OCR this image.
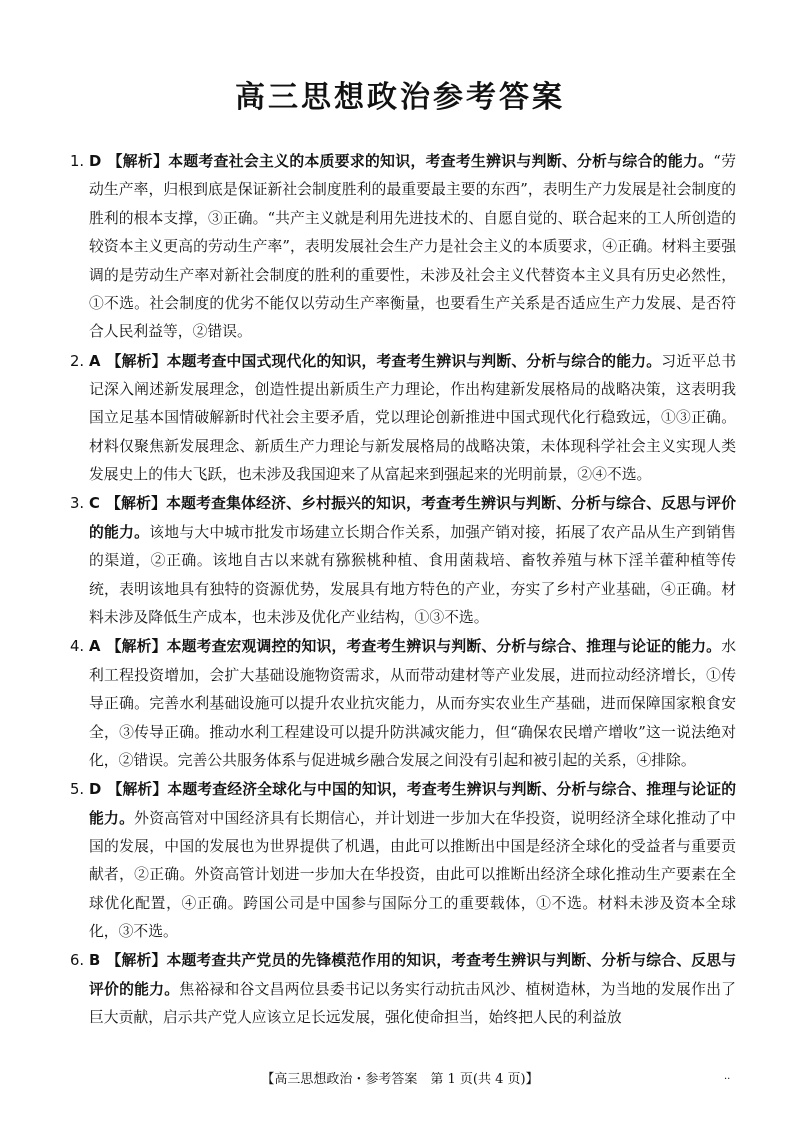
高三思想政治参考答案
1. D 【解析】本题考查社会主义的本质要求的知识，考查考生辨识与判断、分析与综合的能力。“劳动生产率，归根到底是保证新社会制度胜利的最重要最主要的东西”，表明生产力发展是社会制度的胜利的根本支撑，③正确。“共产主义就是利用先进技术的、自愿自觉的、联合起来的工人所创造的较资本主义更高的劳动生产率”，表明发展社会生产力是社会主义的本质要求，④正确。材料主要强调的是劳动生产率对新社会制度的胜利的重要性，未涉及社会主义代替资本主义具有历史必然性，①不选。社会制度的优劣不能仅以劳动生产率衡量，也要看生产关系是否适应生产力发展、是否符合人民利益等，②错误。
2. A 【解析】本题考查中国式现代化的知识，考查考生辨识与判断、分析与综合的能力。习近平总书记深入阐述新发展理念，创造性提出新质生产力理论，作出构建新发展格局的战略决策，这表明我国立足基本国情破解新时代社会主要矛盾，党以理论创新推进中国式现代化行稳致远，①③正确。材料仅聚焦新发展理念、新质生产力理论与新发展格局的战略决策，未体现科学社会主义实现人类发展史上的伟大飞跃，也未涉及我国迎来了从富起来到强起来的光明前景，②④不选。
3. C 【解析】本题考查集体经济、乡村振兴的知识，考查考生辨识与判断、分析与综合、反思与评价的能力。该地与大中城市批发市场建立长期合作关系，加强产销对接，拓展了农产品从生产到销售的渠道，②正确。该地自古以来就有猕猴桃种植、食用菌栽培、畜牧养殖与林下淫羊藿种植等传统，表明该地具有独特的资源优势，发展具有地方特色的产业，夯实了乡村产业基础，④正确。材料未涉及降低生产成本，也未涉及优化产业结构，①③不选。
4. A 【解析】本题考查宏观调控的知识，考查考生辨识与判断、分析与综合、推理与论证的能力。水利工程投资增加，会扩大基础设施物资需求，从而带动建材等产业发展，进而拉动经济增长，①传导正确。完善水利基础设施可以提升农业抗灾能力，从而夯实农业生产基础，进而保障国家粮食安全，③传导正确。推动水利工程建设可以提升防洪减灾能力，但“确保农民增产增收”这一说法绝对化，②错误。完善公共服务体系与促进城乡融合发展之间没有引起和被引起的关系，④排除。
5. D 【解析】本题考查经济全球化与中国的知识，考查考生辨识与判断、分析与综合、推理与论证的能力。外资高管对中国经济具有长期信心，并计划进一步加大在华投资，说明经济全球化推动了中国的发展，中国的发展也为世界提供了机遇，由此可以推断出中国是经济全球化的受益者与重要贡献者，②正确。外资高管计划进一步加大在华投资，由此可以推断出经济全球化推动生产要素在全球优化配置，④正确。跨国公司是中国参与国际分工的重要载体，①不选。材料未涉及资本全球化，③不选。
6. B 【解析】本题考查共产党员的先锋模范作用的知识，考查考生辨识与判断、分析与综合、反思与评价的能力。焦裕禄和谷文昌两位县委书记以务实行动抗击风沙、植树造林，为当地的发展作出了巨大贡献，启示共产党人应该立足长远发展，强化使命担当，始终把人民的利益放
【高三思想政治・参考答案　第 1 页(共 4 页)】	··
